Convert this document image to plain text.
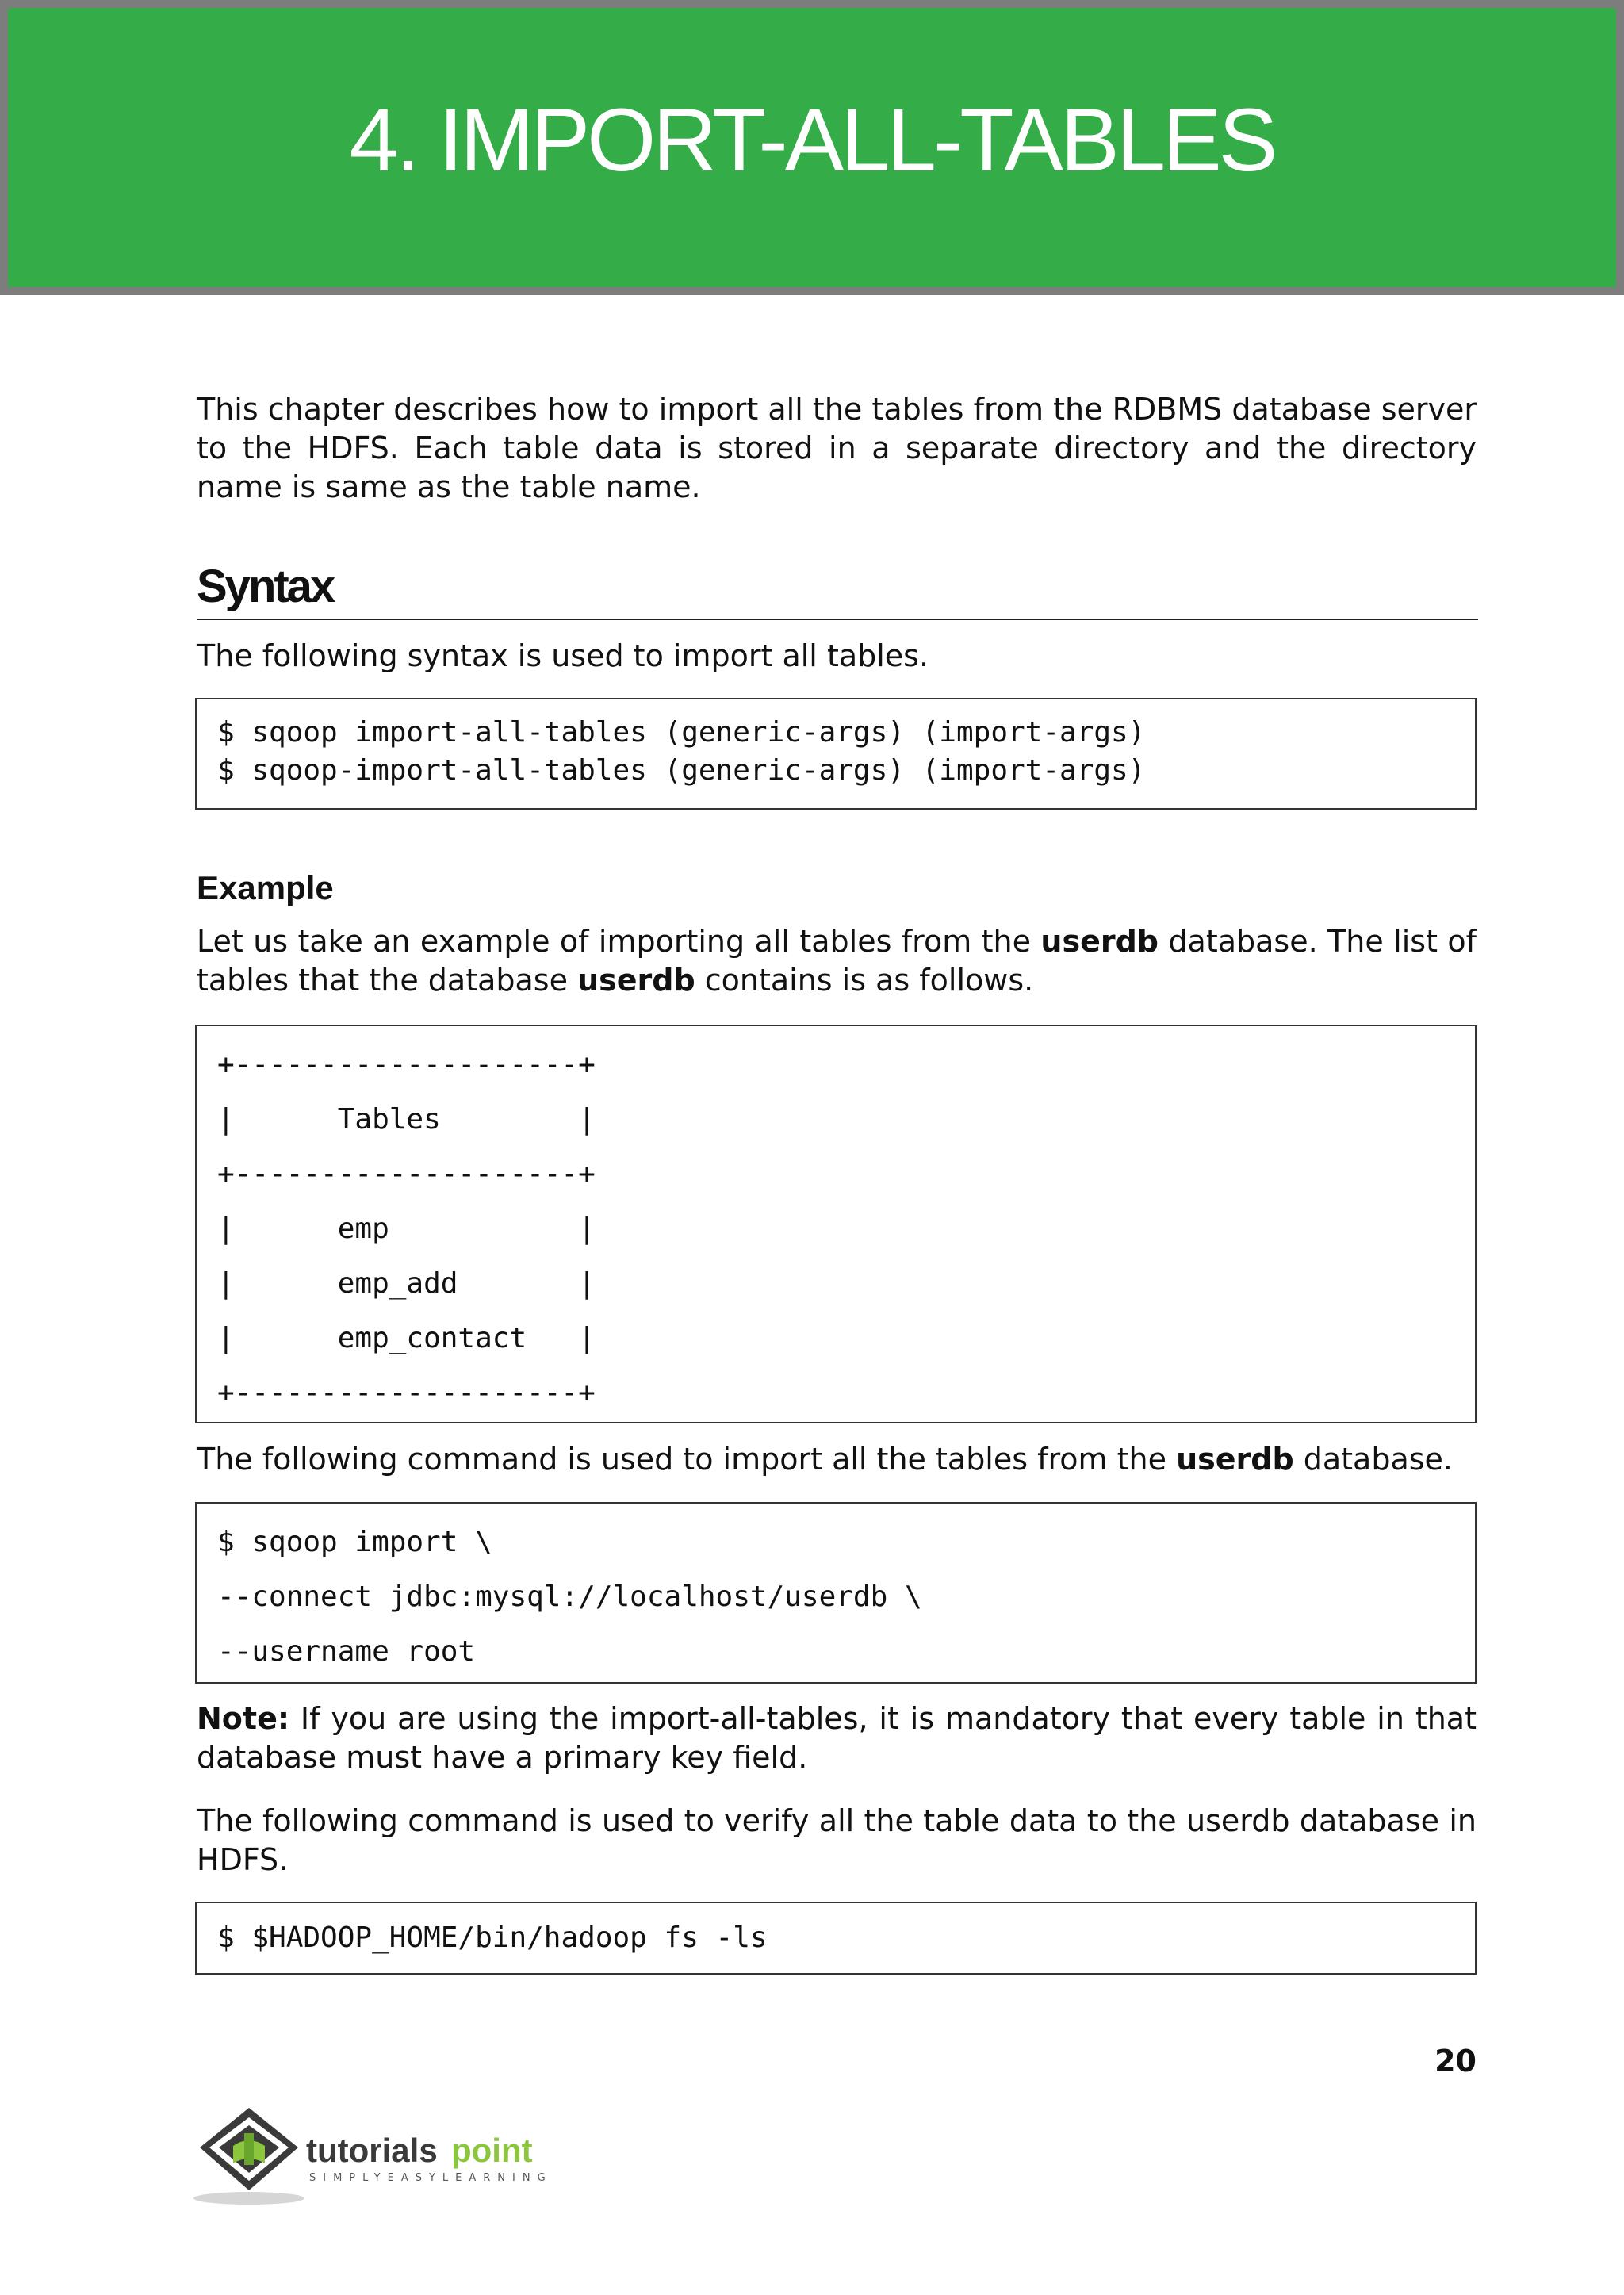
4. IMPORT-ALL-TABLES

This chapter describes how to import all the tables from the RDBMS database server to the HDFS. Each table data is stored in a separate directory and the directory name is same as the table name.

Syntax

The following syntax is used to import all tables.

$ sqoop import-all-tables (generic-args) (import-args)
$ sqoop-import-all-tables (generic-args) (import-args)
Example

Let us take an example of importing all tables from the userdb database. The list of tables that the database userdb contains is as follows.

+--------------------+
|      Tables        |
+--------------------+
|      emp           |
|      emp_add       |
|      emp_contact   |
+--------------------+

The following command is used to import all the tables from the userdb database.

$ sqoop import \
--connect jdbc:mysql://localhost/userdb \
--username root

Note: If you are using the import-all-tables, it is mandatory that every table in that database must have a primary key field.

The following command is used to verify all the table data to the userdb database in HDFS.

$ $HADOOP_HOME/bin/hadoop fs -ls
20
tutorials point
SIMPLYEASYLEARNING
